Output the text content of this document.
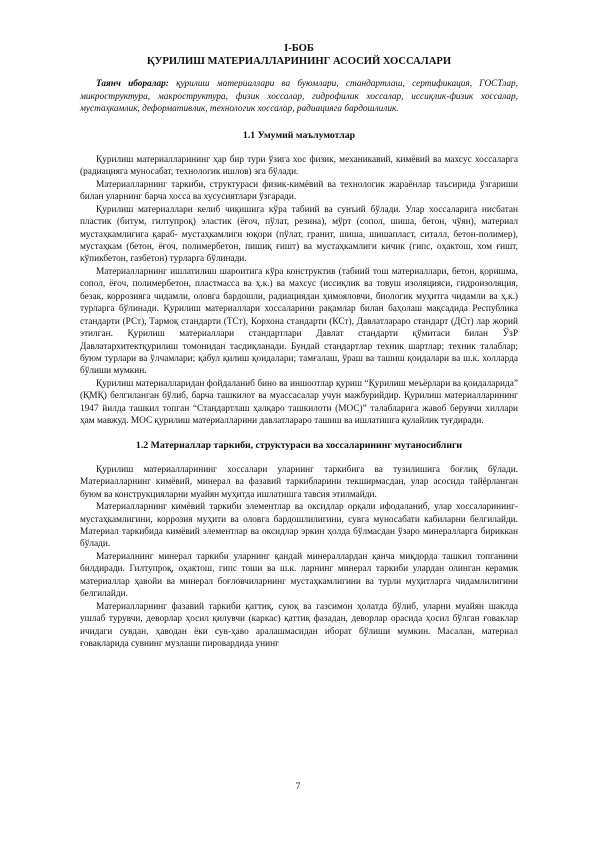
I-БОБ

ҚУРИЛИШ МАТЕРИАЛЛАРИНИНГ АСОСИЙ ХОССАЛАРИ

Таянч иборалар: қурилиш материаллари ва буюмлари, стандартлаш, сертификация, ГОСТлар, микроструктура, макроструктура, физик хоссалар, гидрофилик хоссалар, иссиқлик-физик хоссалар, мустаҳкамлик, деформативлик, технологик хоссалар, радиацияга бардошлилик.

1.1 Умумий маълумотлар

Қурилиш материалларининг ҳар бир тури ўзига хос физик, механикавий, кимёвий ва махсус хоссаларга (радиацияга муносабат, технологик ишлов) эга бўлади.

Материалларнинг таркиби, структураси физик-кимёвий ва технологик жараёнлар таъсирида ўзгариши билан уларнинг барча хосса ва хусусиятлари ўзгаради.

Қурилиш материаллари келиб чиқишига кўра табиий ва сунъий бўлади. Улар хоссаларига нисбатан пластик (битум, гилтупроқ) эластик (ёғоч, пўлат, резина), мўрт (сопол, шиша, бетон, чўян), материал мустаҳкамлигига қараб- мустаҳкамлиги юқори (пўлат, гранит, шиша, шишапласт, ситалл, бетон-полимер), мустаҳкам (бетон, ёғоч, полимербетон, пишиқ ғишт) ва мустаҳкамлиги кичик (гипс, оҳактош, хом ғишт, кўпикбетон, газбетон) турларга бўлинади.

Материалларнинг ишлатилиш шароитига кўра конструктив (табиий тош материаллари, бетон, қоришма, сопол, ёғоч, полимербетон, пластмасса ва ҳ.к.) ва махсус (иссиқлик ва товуш изоляцияси, гидроизоляция, безак, коррозияга чидамли, оловга бардошли, радиациядан ҳимояловчи, биологик муҳитга чидамли ва ҳ.к.) турларга бўлинади. Қурилиш материаллари хоссаларини рақамлар билан баҳолаш мақсадида Республика стандарти (РСт), Тармоқ стандарти (ТСт), Корхона стандарти (КСт), Давлатлараро стандарт (ДСт) лар жорий этилган. Қурилиш материаллари стандартлари Давлат стандарти қўмитаси билан ЎзР Давлатархитектқурилиш томонидан тасдиқланади. Бундай стандартлар техник шартлар; техник талаблар; буюм турлари ва ўлчамлари; қабул қилиш қоидалари; тамғалаш, ўраш ва ташиш қоидалари ва ш.к. холларда бўлиши мумкин.

Қурилиш материалларидан фойдаланиб бино ва иншоотлар қуриш “Қурилиш меъёрлари ва қоидаларида” (ҚМҚ) белгиланган бўлиб, барча ташкилот ва муассасалар учун мажбурийдир. Қурилиш материалларининг 1947 йилда ташкил топган “Стандартлаш ҳалқаро ташкилоти (МОС)” талабларига жавоб берувчи хиллари ҳам мавжуд. МОС қурилиш материалларини давлатлараро ташиш ва ишлатишга қулайлик туғдиради.

1.2 Материаллар таркиби, структураси ва хоссаларининг мутаносиблиги

Қурилиш материалларининг хоссалари уларнинг таркибига ва тузилишига боғлиқ бўлади. Материалларнинг кимёвий, минерал ва фазавий таркибларини текширмасдан, улар асосида тайёрланган буюм ва конструкцияларни муайян муҳитда ишлатишга тавсия этилмайди.

Материалларнинг кимёвий таркиби элементлар ва оксидлар орқали ифодаланиб, улар хоссаларининг-мустаҳкамлигини, коррозия муҳити ва оловга бардошлилигини, сувга муносабати кабиларни белгилайди. Материал таркибида кимёвий элементлар ва оксидлар эркин ҳолда бўлмасдан ўзаро минералларга бириккан бўлади.

Материалнинг минерал таркиби уларнинг қандай минераллардан қанча миқдорда ташкил топганини билдиради. Гилтупроқ, оҳактош, гипс тоши ва ш.к. ларнинг минерал таркиби улардан олинган керамик материаллар ҳавойи ва минерал боғловчиларнинг мустаҳкамлигини ва турли муҳитларга чидамлилигини белгилайди.

Материалларнинг фазавий таркиби қаттиқ, суюқ ва газсимон ҳолатда бўлиб, уларни муайян шаклда ушлаб турувчи, деворлар ҳосил қилувчи (каркас) қаттиқ фазадан, деворлар орасида ҳосил бўлган ғоваклар ичидаги сувдан, ҳаводан ёки сув-ҳаво аралашмасидан иборат бўлиши мумкин. Масалан, материал ғовакларида сувнинг музлаши пировардида унинг

7
